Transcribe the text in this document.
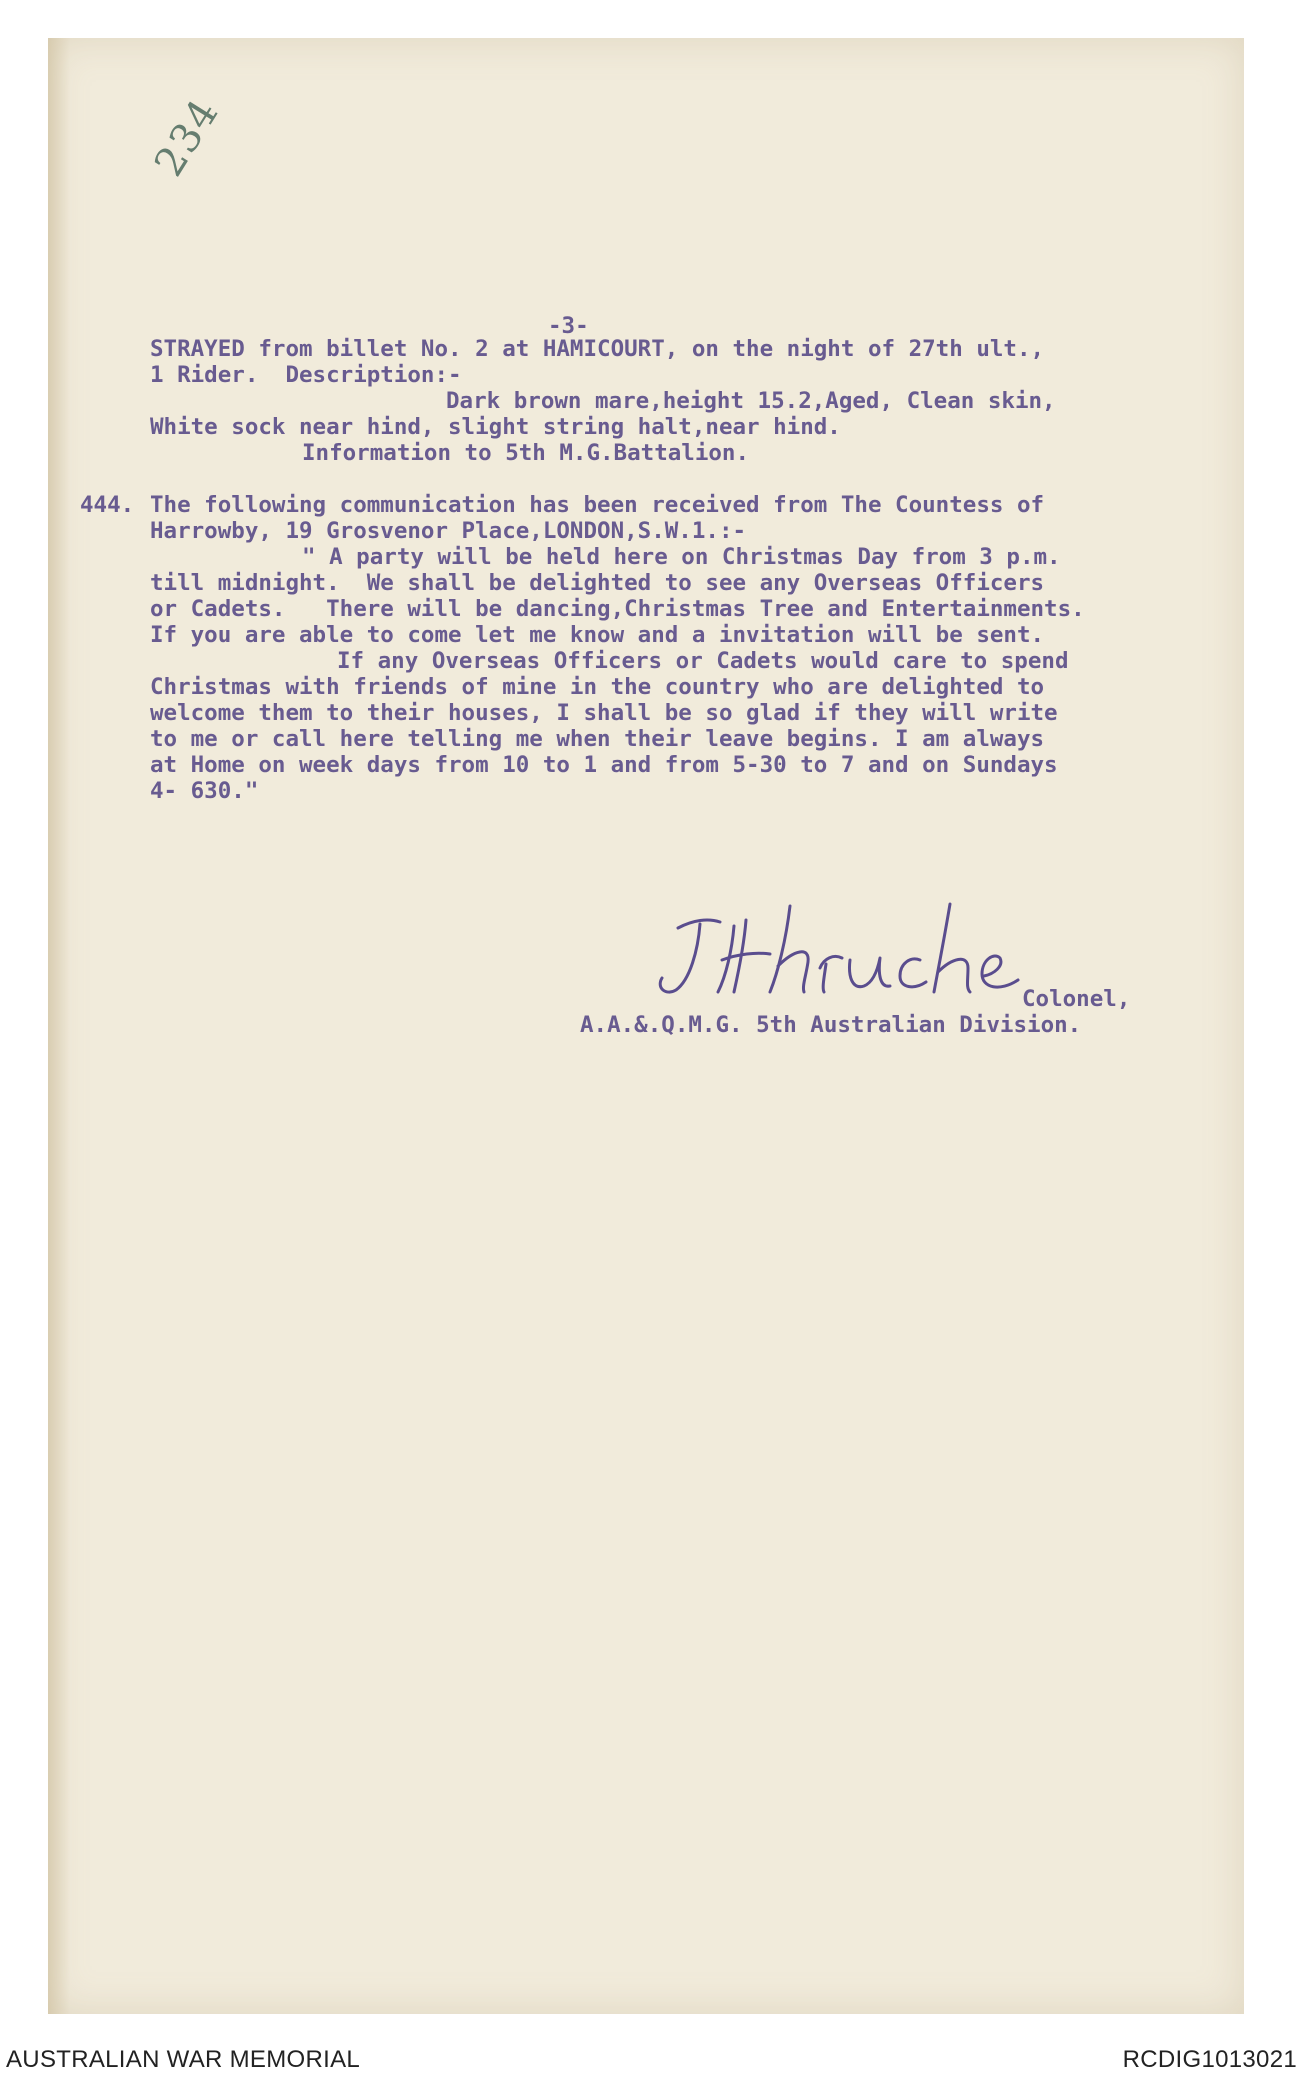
234
-3-
STRAYED from billet No. 2 at HAMICOURT, on the night of 27th ult.,
1 Rider.  Description:-
Dark brown mare,height 15.2,Aged, Clean skin,
White sock near hind, slight string halt,near hind.
Information to 5th M.G.Battalion.
444. The following communication has been received from The Countess of
Harrowby, 19 Grosvenor Place,LONDON,S.W.1.:-
" A party will be held here on Christmas Day from 3 p.m.
till midnight.  We shall be delighted to see any Overseas Officers
or Cadets.   There will be dancing,Christmas Tree and Entertainments.
If you are able to come let me know and a invitation will be sent.
If any Overseas Officers or Cadets would care to spend
Christmas with friends of mine in the country who are delighted to
welcome them to their houses, I shall be so glad if they will write
to me or call here telling me when their leave begins. I am always
at Home on week days from 10 to 1 and from 5-30 to 7 and on Sundays
4- 630."
Colonel,
A.A.&.Q.M.G. 5th Australian Division.
AUSTRALIAN WAR MEMORIAL	RCDIG1013021
